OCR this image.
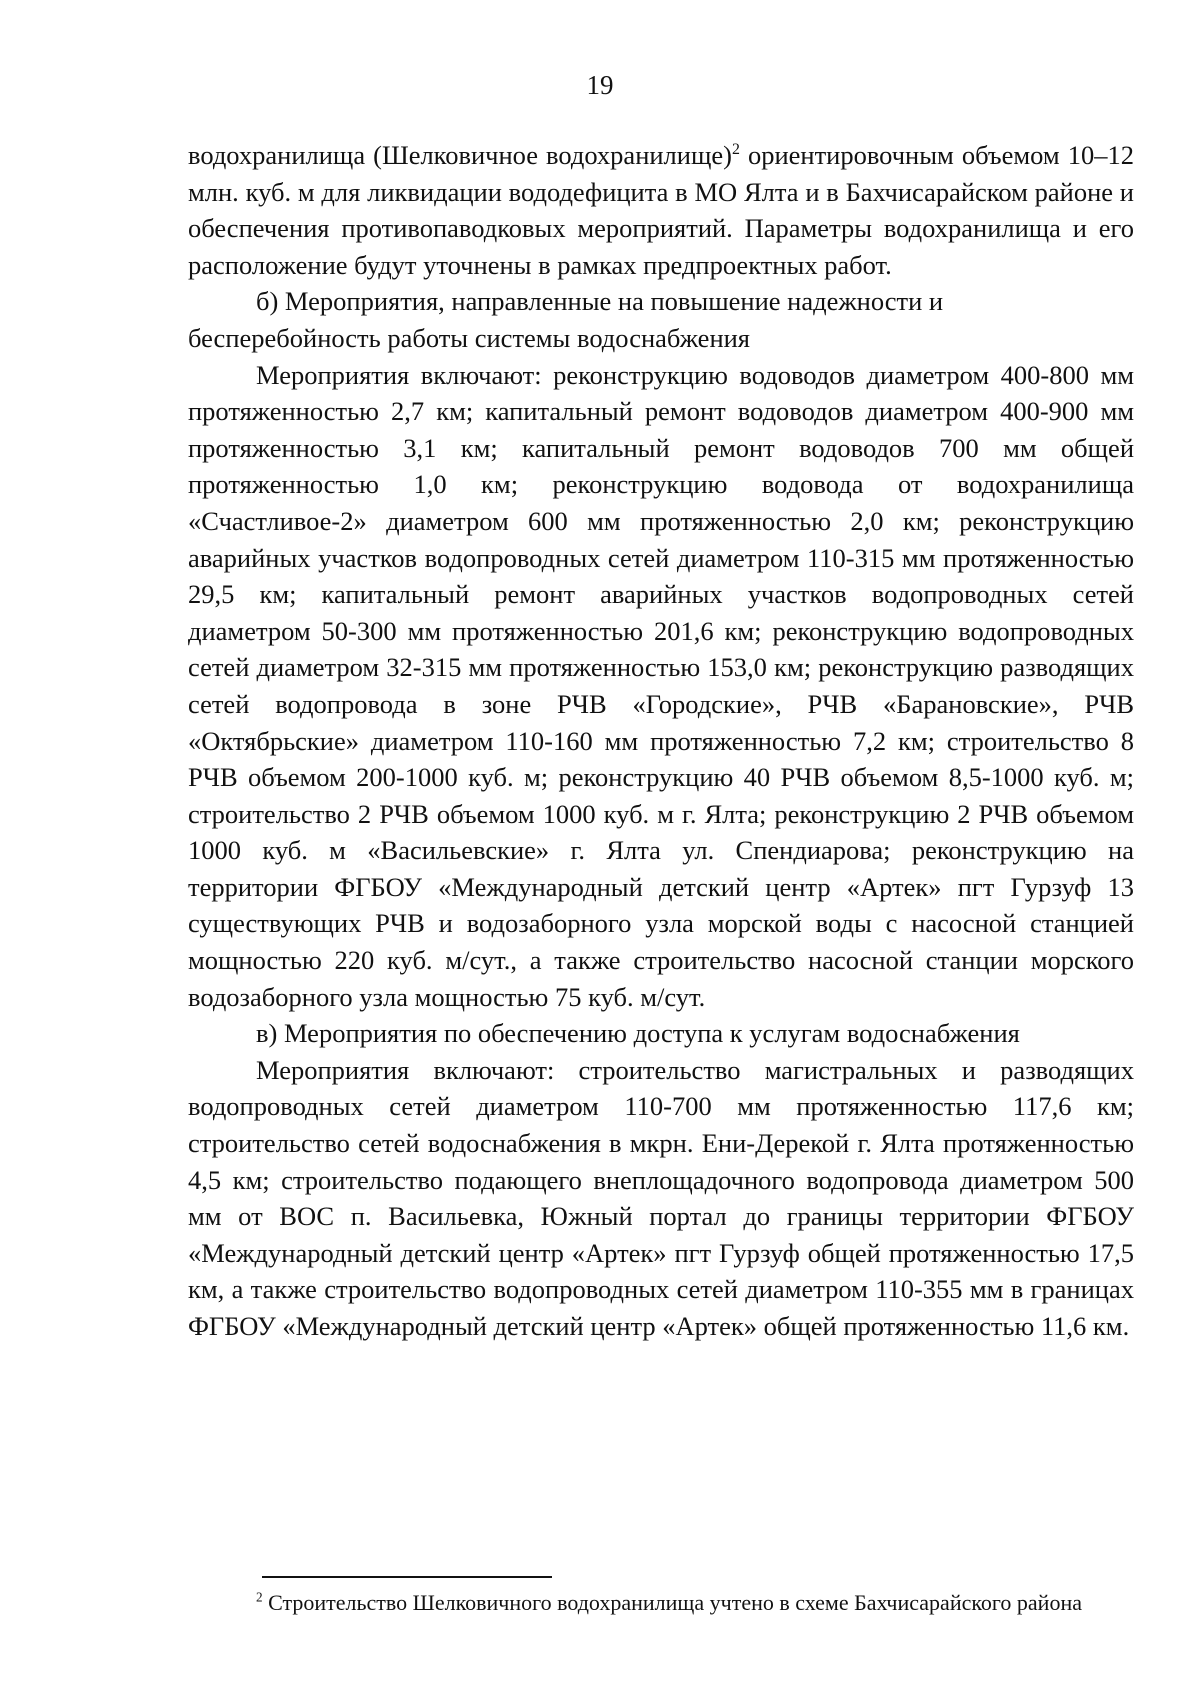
19

водохранилища (Шелковичное водохранилище)$^2$ ориентировочным объемом 10–12 млн. куб. м для ликвидации вододефицита в МО Ялта и в Бахчисарайском районе и обеспечения противопаводковых мероприятий. Параметры водохранилища и его расположение будут уточнены в рамках предпроектных работ.

б) Мероприятия, направленные на повышение надежности и бесперебойность работы системы водоснабжения

Мероприятия включают: реконструкцию водоводов диаметром 400-800 мм протяженностью 2,7 км; капитальный ремонт водоводов диаметром 400-900 мм протяженностью 3,1 км; капитальный ремонт водоводов 700 мм общей протяженностью 1,0 км; реконструкцию водовода от водохранилища «Счастливое-2» диаметром 600 мм протяженностью 2,0 км; реконструкцию аварийных участков водопроводных сетей диаметром 110-315 мм протяженностью 29,5 км; капитальный ремонт аварийных участков водопроводных сетей диаметром 50-300 мм протяженностью 201,6 км; реконструкцию водопроводных сетей диаметром 32-315 мм протяженностью 153,0 км; реконструкцию разводящих сетей водопровода в зоне РЧВ «Городские», РЧВ «Барановские», РЧВ «Октябрьские» диаметром 110-160 мм протяженностью 7,2 км; строительство 8 РЧВ объемом 200-1000 куб. м; реконструкцию 40 РЧВ объемом 8,5-1000 куб. м; строительство 2 РЧВ объемом 1000 куб. м г. Ялта; реконструкцию 2 РЧВ объемом 1000 куб. м «Васильевские» г. Ялта ул. Спендиарова; реконструкцию на территории ФГБОУ «Международный детский центр «Артек» пгт Гурзуф 13 существующих РЧВ и водозаборного узла морской воды с насосной станцией мощностью 220 куб. м/сут., а также строительство насосной станции морского водозаборного узла мощностью 75 куб. м/сут.

в) Мероприятия по обеспечению доступа к услугам водоснабжения

Мероприятия включают: строительство магистральных и разводящих водопроводных сетей диаметром 110-700 мм протяженностью 117,6 км; строительство сетей водоснабжения в мкрн. Ени-Дерекой г. Ялта протяженностью 4,5 км; строительство подающего внеплощадочного водопровода диаметром 500 мм от ВОС п. Васильевка, Южный портал до границы территории ФГБОУ «Международный детский центр «Артек» пгт Гурзуф общей протяженностью 17,5 км, а также строительство водопроводных сетей диаметром 110-355 мм в границах ФГБОУ «Международный детский центр «Артек» общей протяженностью 11,6 км.

$^2$ Строительство Шелковичного водохранилища учтено в схеме Бахчисарайского района
